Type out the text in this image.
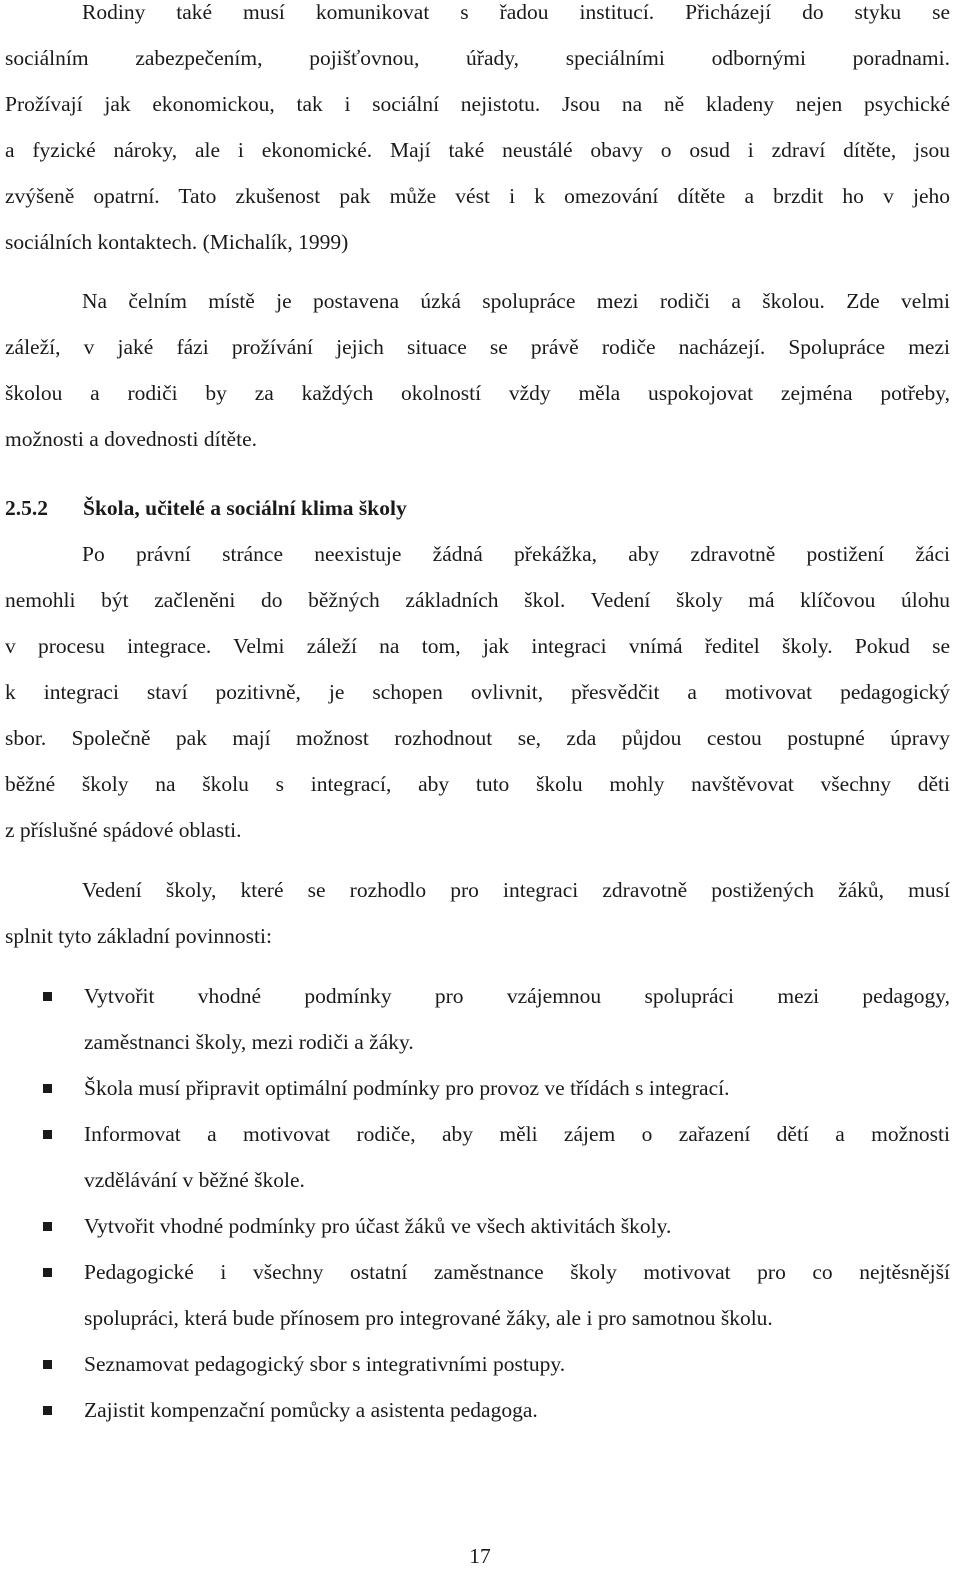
Rodiny také musí komunikovat s řadou institucí. Přicházejí do styku se
sociálním zabezpečením, pojišťovnou, úřady, speciálními odbornými poradnami.
Prožívají jak ekonomickou, tak i sociální nejistotu. Jsou na ně kladeny nejen psychické
a fyzické nároky, ale i ekonomické. Mají také neustálé obavy o osud i zdraví dítěte, jsou
zvýšeně opatrní. Tato zkušenost pak může vést i k omezování dítěte a brzdit ho v jeho
sociálních kontaktech. (Michalík, 1999)
Na čelním místě je postavena úzká spolupráce mezi rodiči a školou. Zde velmi
záleží, v jaké fázi prožívání jejich situace se právě rodiče nacházejí. Spolupráce mezi
školou a rodiči by za každých okolností vždy měla uspokojovat zejména potřeby,
možnosti a dovednosti dítěte.
2.5.2 Škola, učitelé a sociální klima školy
Po právní stránce neexistuje žádná překážka, aby zdravotně postižení žáci
nemohli být začleněni do běžných základních škol. Vedení školy má klíčovou úlohu
v procesu integrace. Velmi záleží na tom, jak integraci vnímá ředitel školy. Pokud se
k integraci staví pozitivně, je schopen ovlivnit, přesvědčit a motivovat pedagogický
sbor. Společně pak mají možnost rozhodnout se, zda půjdou cestou postupné úpravy
běžné školy na školu s integrací, aby tuto školu mohly navštěvovat všechny děti
z příslušné spádové oblasti.
Vedení školy, které se rozhodlo pro integraci zdravotně postižených žáků, musí
splnit tyto základní povinnosti:
Vytvořit vhodné podmínky pro vzájemnou spolupráci mezi pedagogy,
zaměstnanci školy, mezi rodiči a žáky.
Škola musí připravit optimální podmínky pro provoz ve třídách s integrací.
Informovat a motivovat rodiče, aby měli zájem o zařazení dětí a možnosti
vzdělávání v běžné škole.
Vytvořit vhodné podmínky pro účast žáků ve všech aktivitách školy.
Pedagogické i všechny ostatní zaměstnance školy motivovat pro co nejtěsnější
spolupráci, která bude přínosem pro integrované žáky, ale i pro samotnou školu.
Seznamovat pedagogický sbor s integrativními postupy.
Zajistit kompenzační pomůcky a asistenta pedagoga.
17
